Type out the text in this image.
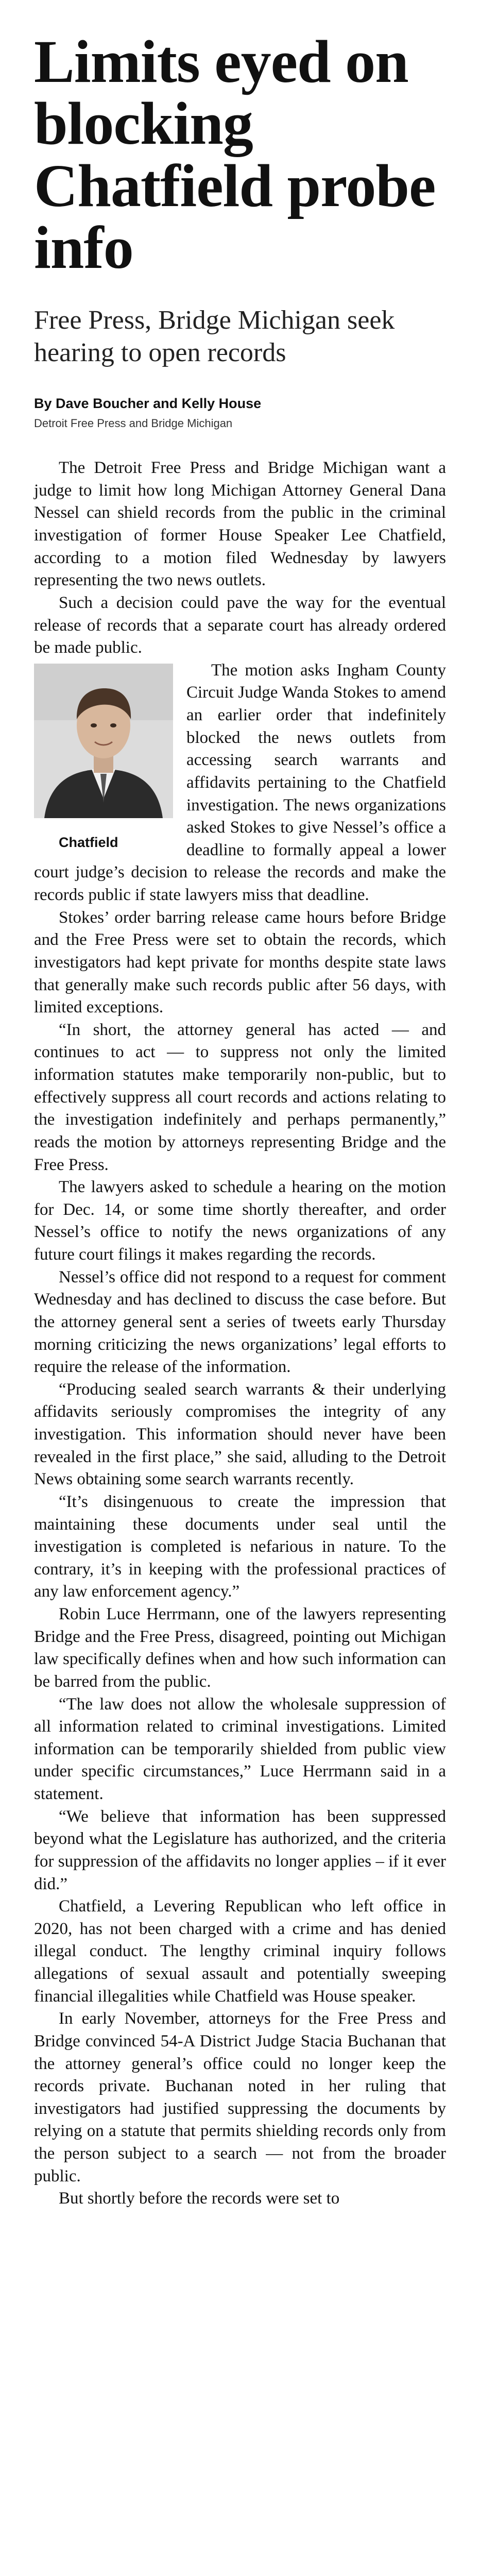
Limits eyed on blocking Chatfield probe info
Free Press, Bridge Michigan seek hearing to open records
By Dave Boucher and Kelly House
Detroit Free Press and Bridge Michigan

The Detroit Free Press and Bridge Michigan want a judge to limit how long Michigan Attorney General Dana Nessel can shield records from the public in the criminal investigation of former House Speaker Lee Chatfield, according to a motion filed Wednesday by lawyers representing the two news outlets.

Such a decision could pave the way for the eventual release of records that a separate court has already ordered be made public.

Chatfield
The motion asks Ingham County Circuit Judge Wanda Stokes to amend an earlier order that indefinitely blocked the news outlets from accessing search warrants and affidavits pertaining to the Chatfield investigation. The news organizations asked Stokes to give Nessel’s office a deadline to formally appeal a lower court judge’s decision to release the records and make the records public if state lawyers miss that deadline.

Stokes’ order barring release came hours before Bridge and the Free Press were set to obtain the records, which investigators had kept private for months despite state laws that generally make such records public after 56 days, with limited exceptions.

“In short, the attorney general has acted — and continues to act — to suppress not only the limited information statutes make temporarily non-public, but to effectively suppress all court records and actions relating to the investigation indefinitely and perhaps permanently,” reads the motion by attorneys representing Bridge and the Free Press.

The lawyers asked to schedule a hearing on the motion for Dec. 14, or some time shortly thereafter, and order Nessel’s office to notify the news organizations of any future court filings it makes regarding the records.

Nessel’s office did not respond to a request for comment Wednesday and has declined to discuss the case before. But the attorney general sent a series of tweets early Thursday morning criticizing the news organizations’ legal efforts to require the release of the information.

“Producing sealed search warrants & their underlying affidavits seriously compromises the integrity of any investigation. This information should never have been revealed in the first place,” she said, alluding to the Detroit News obtaining some search warrants recently.

“It’s disingenuous to create the impression that maintaining these documents under seal until the investigation is completed is nefarious in nature. To the contrary, it’s in keeping with the professional practices of any law enforcement agency.”

Robin Luce Herrmann, one of the lawyers representing Bridge and the Free Press, disagreed, pointing out Michigan law specifically defines when and how such information can be barred from the public.

“The law does not allow the wholesale suppression of all information related to criminal investigations. Limited information can be temporarily shielded from public view under specific circumstances,” Luce Herrmann said in a statement.

“We believe that information has been suppressed beyond what the Legislature has authorized, and the criteria for suppression of the affidavits no longer applies – if it ever did.”

Chatfield, a Levering Republican who left office in 2020, has not been charged with a crime and has denied illegal conduct. The lengthy criminal inquiry follows allegations of sexual assault and potentially sweeping financial illegalities while Chatfield was House speaker.

In early November, attorneys for the Free Press and Bridge convinced 54-A District Judge Stacia Buchanan that the attorney general’s office could no longer keep the records private. Buchanan noted in her ruling that investigators had justified suppressing the documents by relying on a statute that permits shielding records only from the person subject to a search — not from the broader public.

But shortly before the records were set to
